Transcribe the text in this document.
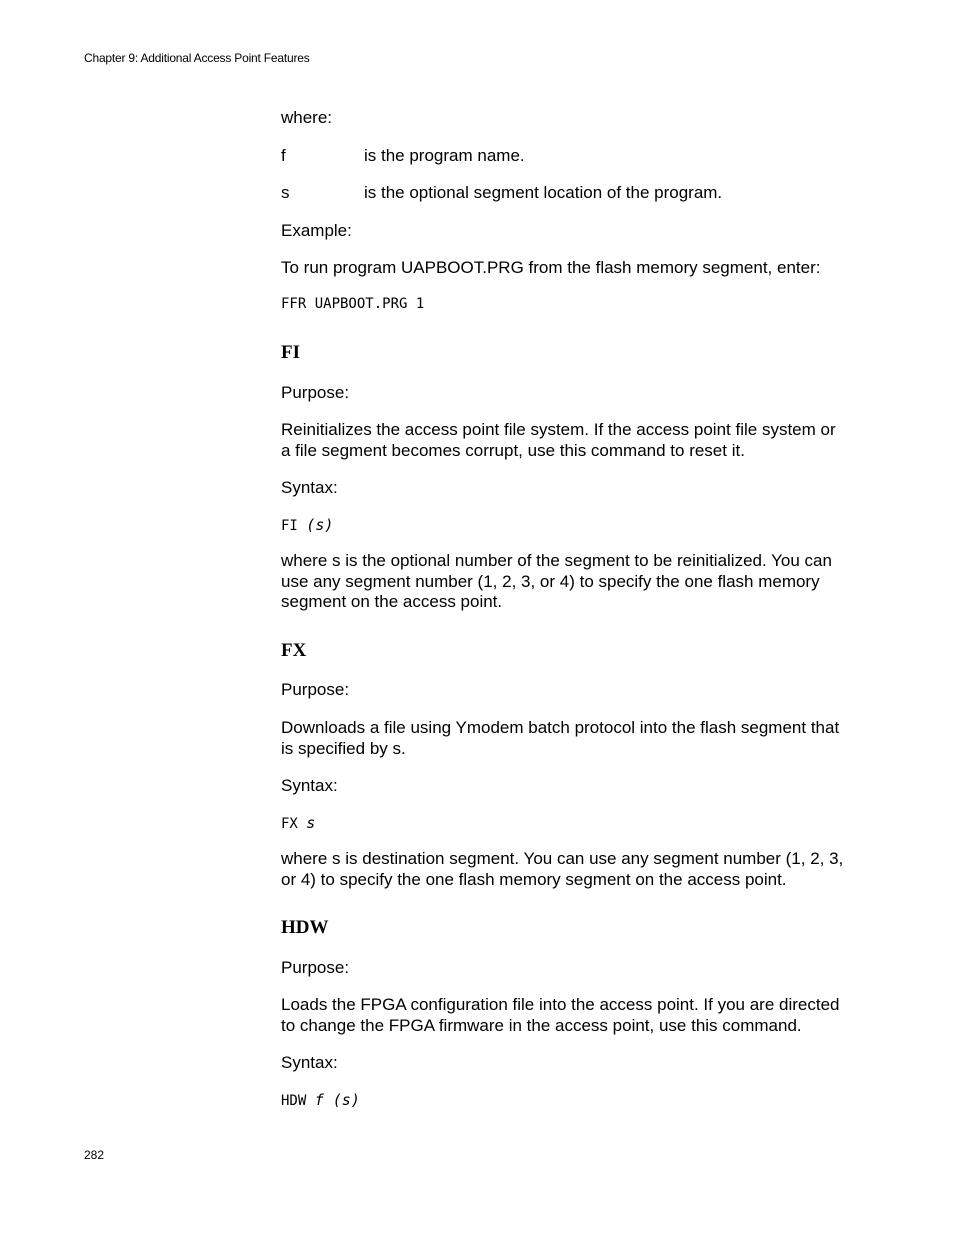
Chapter 9: Additional Access Point Features
where:
f	is the program name.
s	is the optional segment location of the program.
Example:
To run program UAPBOOT.PRG from the flash memory segment, enter:
FFR UAPBOOT.PRG 1
FI
Purpose:
Reinitializes the access point file system. If the access point file system or a file segment becomes corrupt, use this command to reset it.
Syntax:
FI (s)
where s is the optional number of the segment to be reinitialized. You can use any segment number (1, 2, 3, or 4) to specify the one flash memory segment on the access point.
FX
Purpose:
Downloads a file using Ymodem batch protocol into the flash segment that is specified by s.
Syntax:
FX s
where s is destination segment. You can use any segment number (1, 2, 3, or 4) to specify the one flash memory segment on the access point.
HDW
Purpose:
Loads the FPGA configuration file into the access point. If you are directed to change the FPGA firmware in the access point, use this command.
Syntax:
HDW f (s)
282
